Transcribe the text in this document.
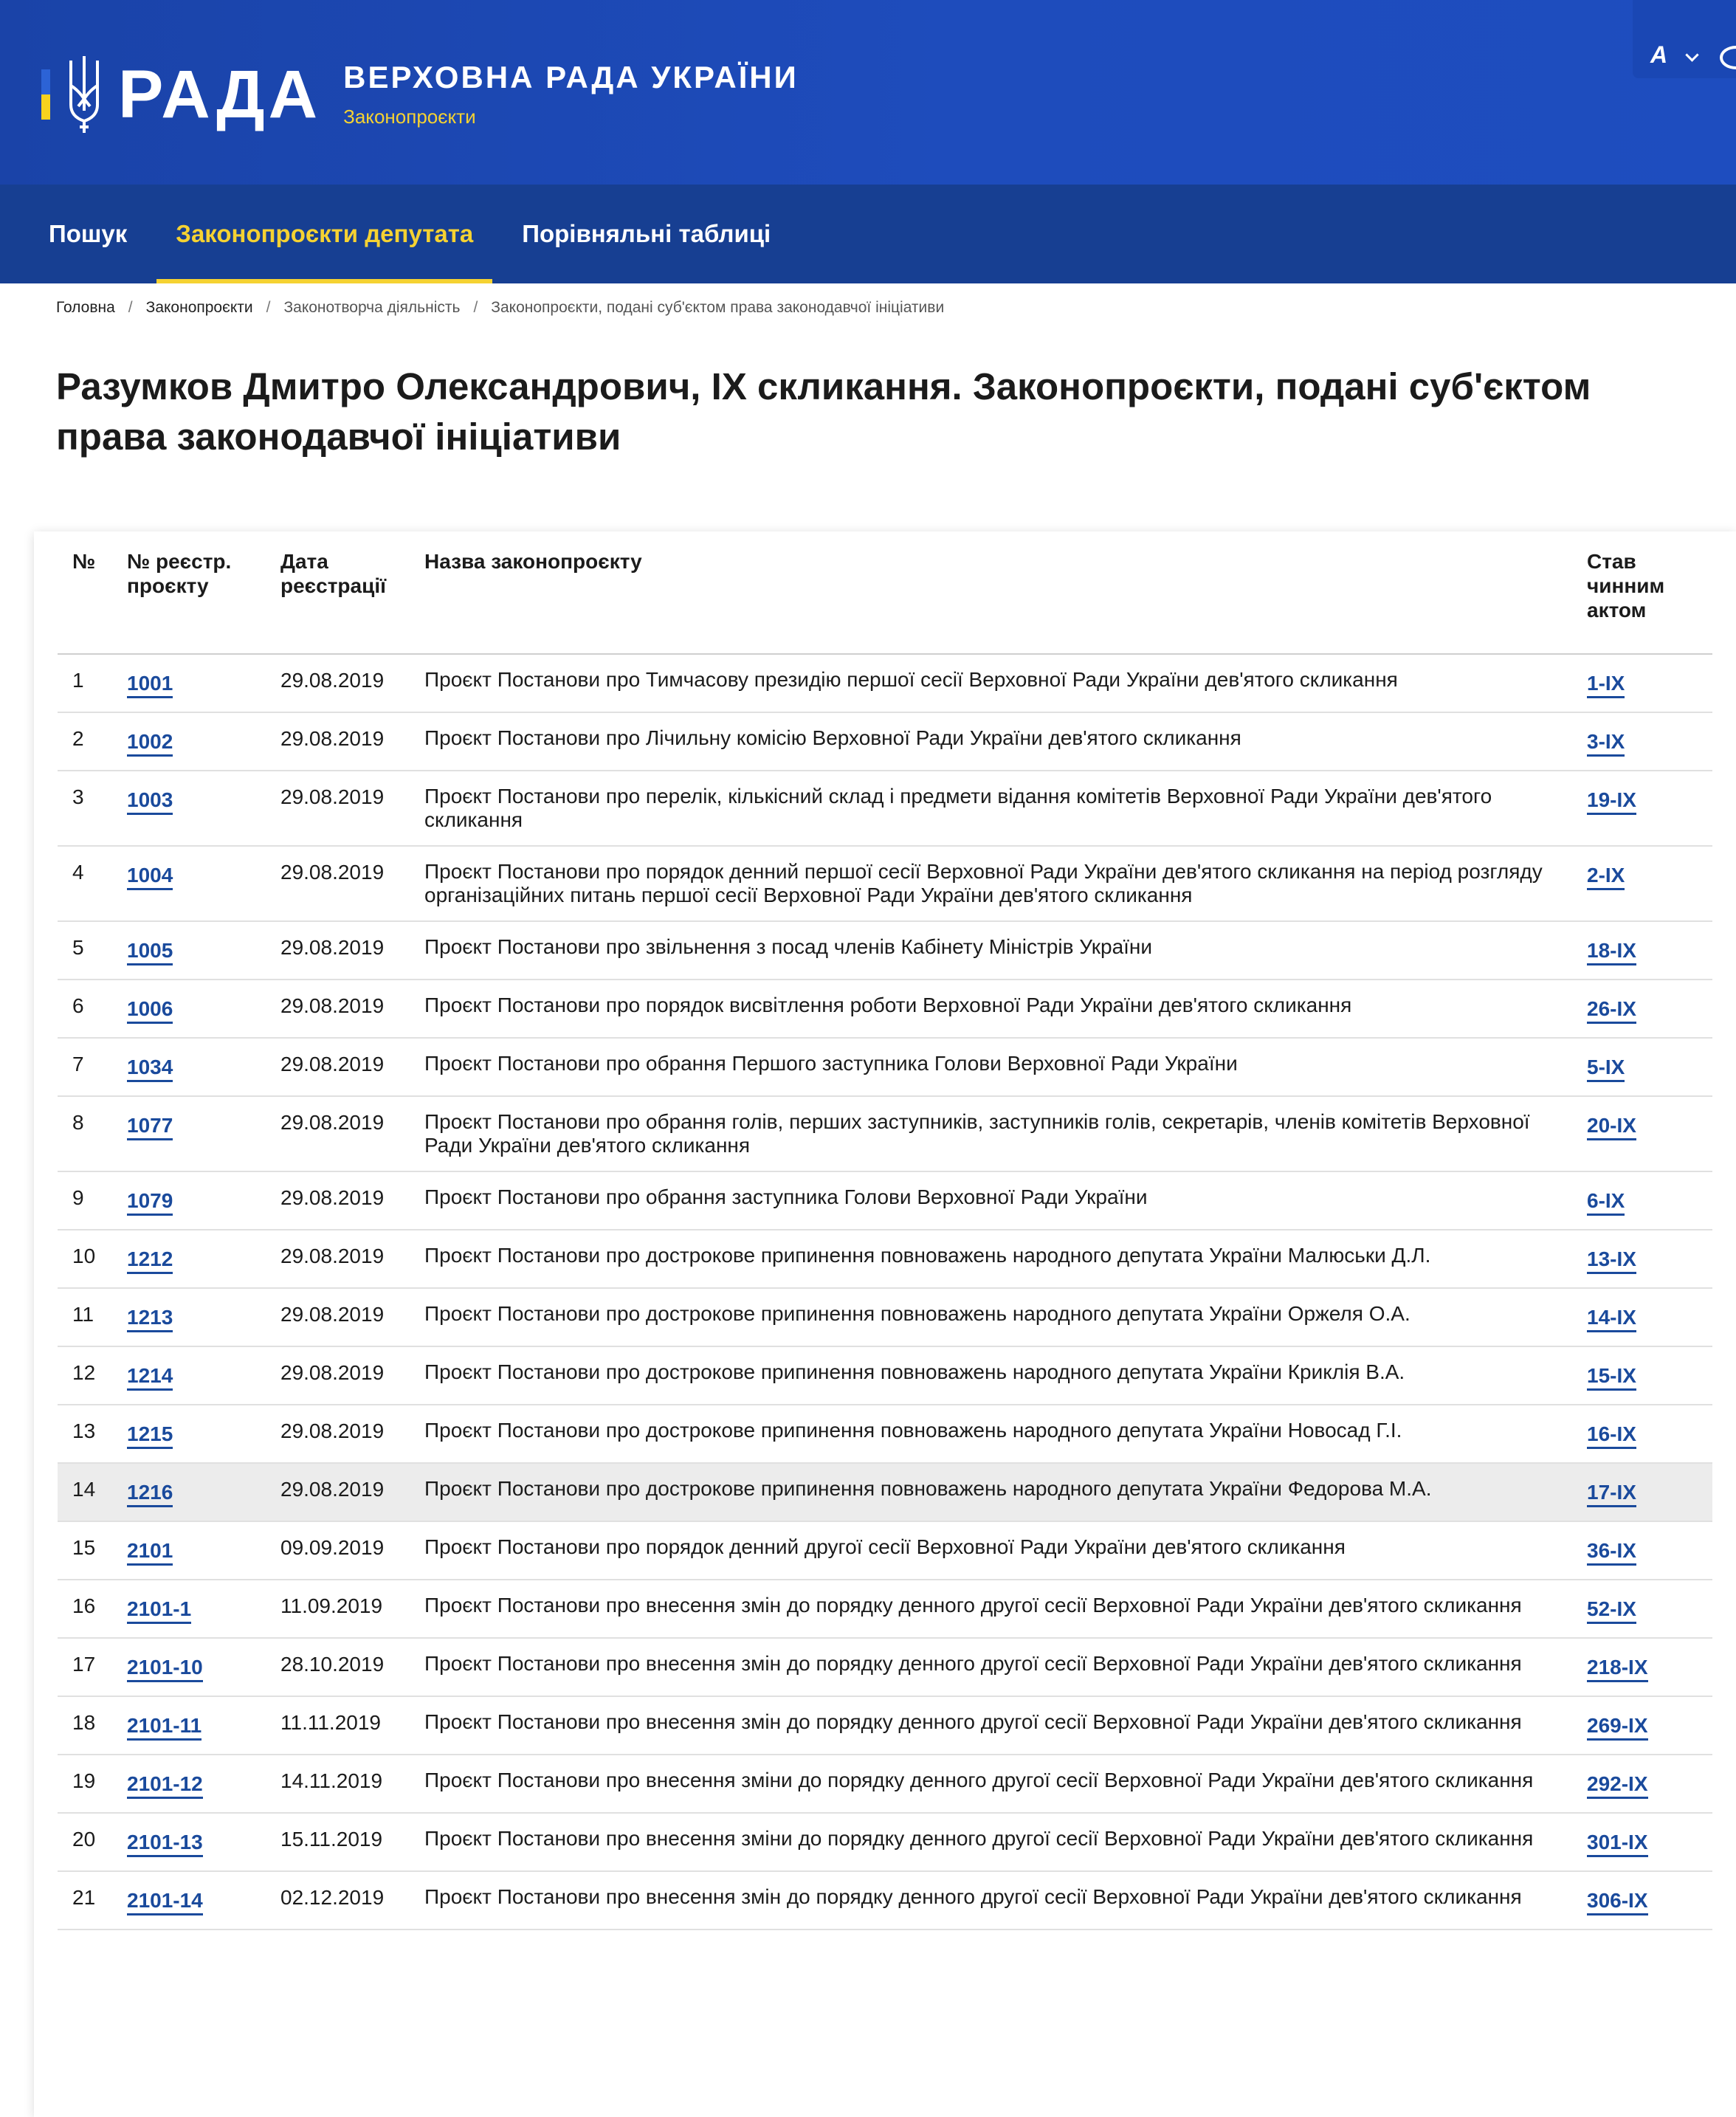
РАДА ВЕРХОВНА РАДА УКРАЇНИ
Законопроєкти
A
Пошук	Законопроєкти депутата	Порівняльні таблиці
Головна / Законопроєкти / Законотворча діяльність / Законопроєкти, подані суб'єктом права законодавчої ініціативи
Разумков Дмитро Олександрович, IX скликання. Законопроєкти, подані суб'єктом права законодавчої ініціативи
№	№ реєстр. проєкту	Дата реєстрації	Назва законопроєкту	Став чинним актом
1	1001	29.08.2019	Проєкт Постанови про Тимчасову президію першої сесії Верховної Ради України дев'ятого скликання	1-IX
2	1002	29.08.2019	Проєкт Постанови про Лічильну комісію Верховної Ради України дев'ятого скликання	3-IX
3	1003	29.08.2019	Проєкт Постанови про перелік, кількісний склад і предмети відання комітетів Верховної Ради України дев'ятого скликання	19-IX
4	1004	29.08.2019	Проєкт Постанови про порядок денний першої сесії Верховної Ради України дев'ятого скликання на період розгляду організаційних питань першої сесії Верховної Ради України дев'ятого скликання	2-IX
5	1005	29.08.2019	Проєкт Постанови про звільнення з посад членів Кабінету Міністрів України	18-IX
6	1006	29.08.2019	Проєкт Постанови про порядок висвітлення роботи Верховної Ради України дев'ятого скликання	26-IX
7	1034	29.08.2019	Проєкт Постанови про обрання Першого заступника Голови Верховної Ради України	5-IX
8	1077	29.08.2019	Проєкт Постанови про обрання голів, перших заступників, заступників голів, секретарів, членів комітетів Верховної Ради України дев'ятого скликання	20-IX
9	1079	29.08.2019	Проєкт Постанови про обрання заступника Голови Верховної Ради України	6-IX
10	1212	29.08.2019	Проєкт Постанови про дострокове припинення повноважень народного депутата України Малюськи Д.Л.	13-IX
11	1213	29.08.2019	Проєкт Постанови про дострокове припинення повноважень народного депутата України Оржеля О.А.	14-IX
12	1214	29.08.2019	Проєкт Постанови про дострокове припинення повноважень народного депутата України Криклія В.А.	15-IX
13	1215	29.08.2019	Проєкт Постанови про дострокове припинення повноважень народного депутата України Новосад Г.І.	16-IX
14	1216	29.08.2019	Проєкт Постанови про дострокове припинення повноважень народного депутата України Федорова М.А.	17-IX
15	2101	09.09.2019	Проєкт Постанови про порядок денний другої сесії Верховної Ради України дев'ятого скликання	36-IX
16	2101-1	11.09.2019	Проєкт Постанови про внесення змін до порядку денного другої сесії Верховної Ради України дев'ятого скликання	52-IX
17	2101-10	28.10.2019	Проєкт Постанови про внесення змін до порядку денного другої сесії Верховної Ради України дев'ятого скликання	218-IX
18	2101-11	11.11.2019	Проєкт Постанови про внесення змін до порядку денного другої сесії Верховної Ради України дев'ятого скликання	269-IX
19	2101-12	14.11.2019	Проєкт Постанови про внесення зміни до порядку денного другої сесії Верховної Ради України дев'ятого скликання	292-IX
20	2101-13	15.11.2019	Проєкт Постанови про внесення зміни до порядку денного другої сесії Верховної Ради України дев'ятого скликання	301-IX
21	2101-14	02.12.2019	Проєкт Постанови про внесення змін до порядку денного другої сесії Верховної Ради України дев'ятого скликання	306-IX
